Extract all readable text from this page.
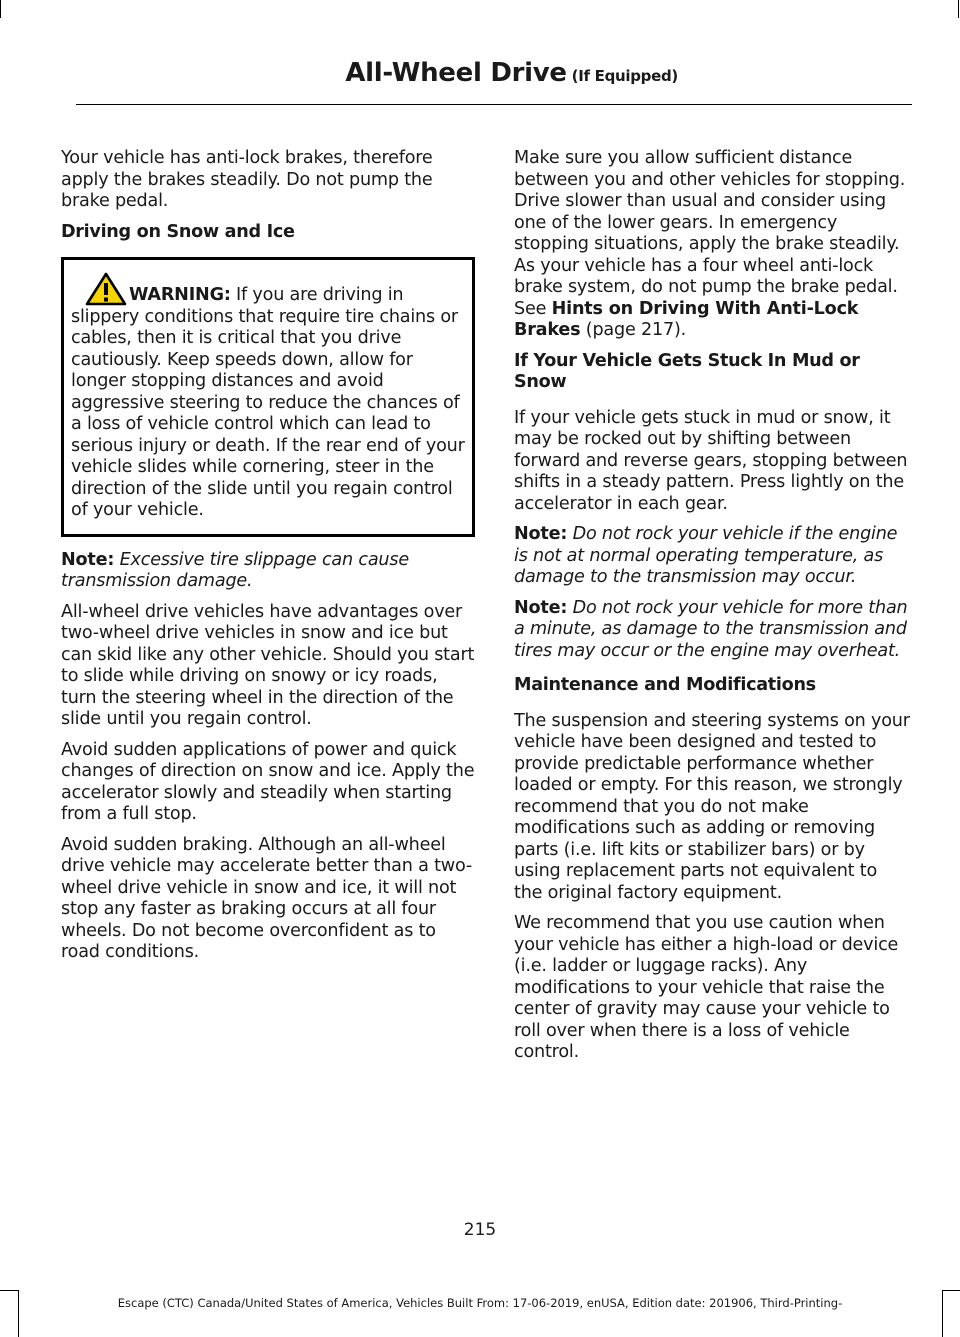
All-Wheel Drive (If Equipped)

Your vehicle has anti-lock brakes, therefore apply the brakes steadily. Do not pump the brake pedal.

Driving on Snow and Ice
WARNING: If you are driving in slippery conditions that require tire chains or cables, then it is critical that you drive cautiously. Keep speeds down, allow for longer stopping distances and avoid aggressive steering to reduce the chances of a loss of vehicle control which can lead to serious injury or death. If the rear end of your vehicle slides while cornering, steer in the direction of the slide until you regain control of your vehicle.

Note: Excessive tire slippage can cause transmission damage.

All-wheel drive vehicles have advantages over two-wheel drive vehicles in snow and ice but can skid like any other vehicle. Should you start to slide while driving on snowy or icy roads, turn the steering wheel in the direction of the slide until you regain control.

Avoid sudden applications of power and quick changes of direction on snow and ice. Apply the accelerator slowly and steadily when starting from a full stop.

Avoid sudden braking. Although an all-wheel drive vehicle may accelerate better than a two-wheel drive vehicle in snow and ice, it will not stop any faster as braking occurs at all four wheels. Do not become overconfident as to road conditions.

Make sure you allow sufficient distance between you and other vehicles for stopping. Drive slower than usual and consider using one of the lower gears. In emergency stopping situations, apply the brake steadily. As your vehicle has a four wheel anti-lock brake system, do not pump the brake pedal. See Hints on Driving With Anti-Lock Brakes (page 217).

If Your Vehicle Gets Stuck In Mud or Snow

If your vehicle gets stuck in mud or snow, it may be rocked out by shifting between forward and reverse gears, stopping between shifts in a steady pattern. Press lightly on the accelerator in each gear.

Note: Do not rock your vehicle if the engine is not at normal operating temperature, as damage to the transmission may occur.

Note: Do not rock your vehicle for more than a minute, as damage to the transmission and tires may occur or the engine may overheat.

Maintenance and Modifications

The suspension and steering systems on your vehicle have been designed and tested to provide predictable performance whether loaded or empty. For this reason, we strongly recommend that you do not make modifications such as adding or removing parts (i.e. lift kits or stabilizer bars) or by using replacement parts not equivalent to the original factory equipment.

We recommend that you use caution when your vehicle has either a high-load or device (i.e. ladder or luggage racks). Any modifications to your vehicle that raise the center of gravity may cause your vehicle to roll over when there is a loss of vehicle control.

215
Escape (CTC) Canada/United States of America, Vehicles Built From: 17-06-2019, enUSA, Edition date: 201906, Third-Printing-
